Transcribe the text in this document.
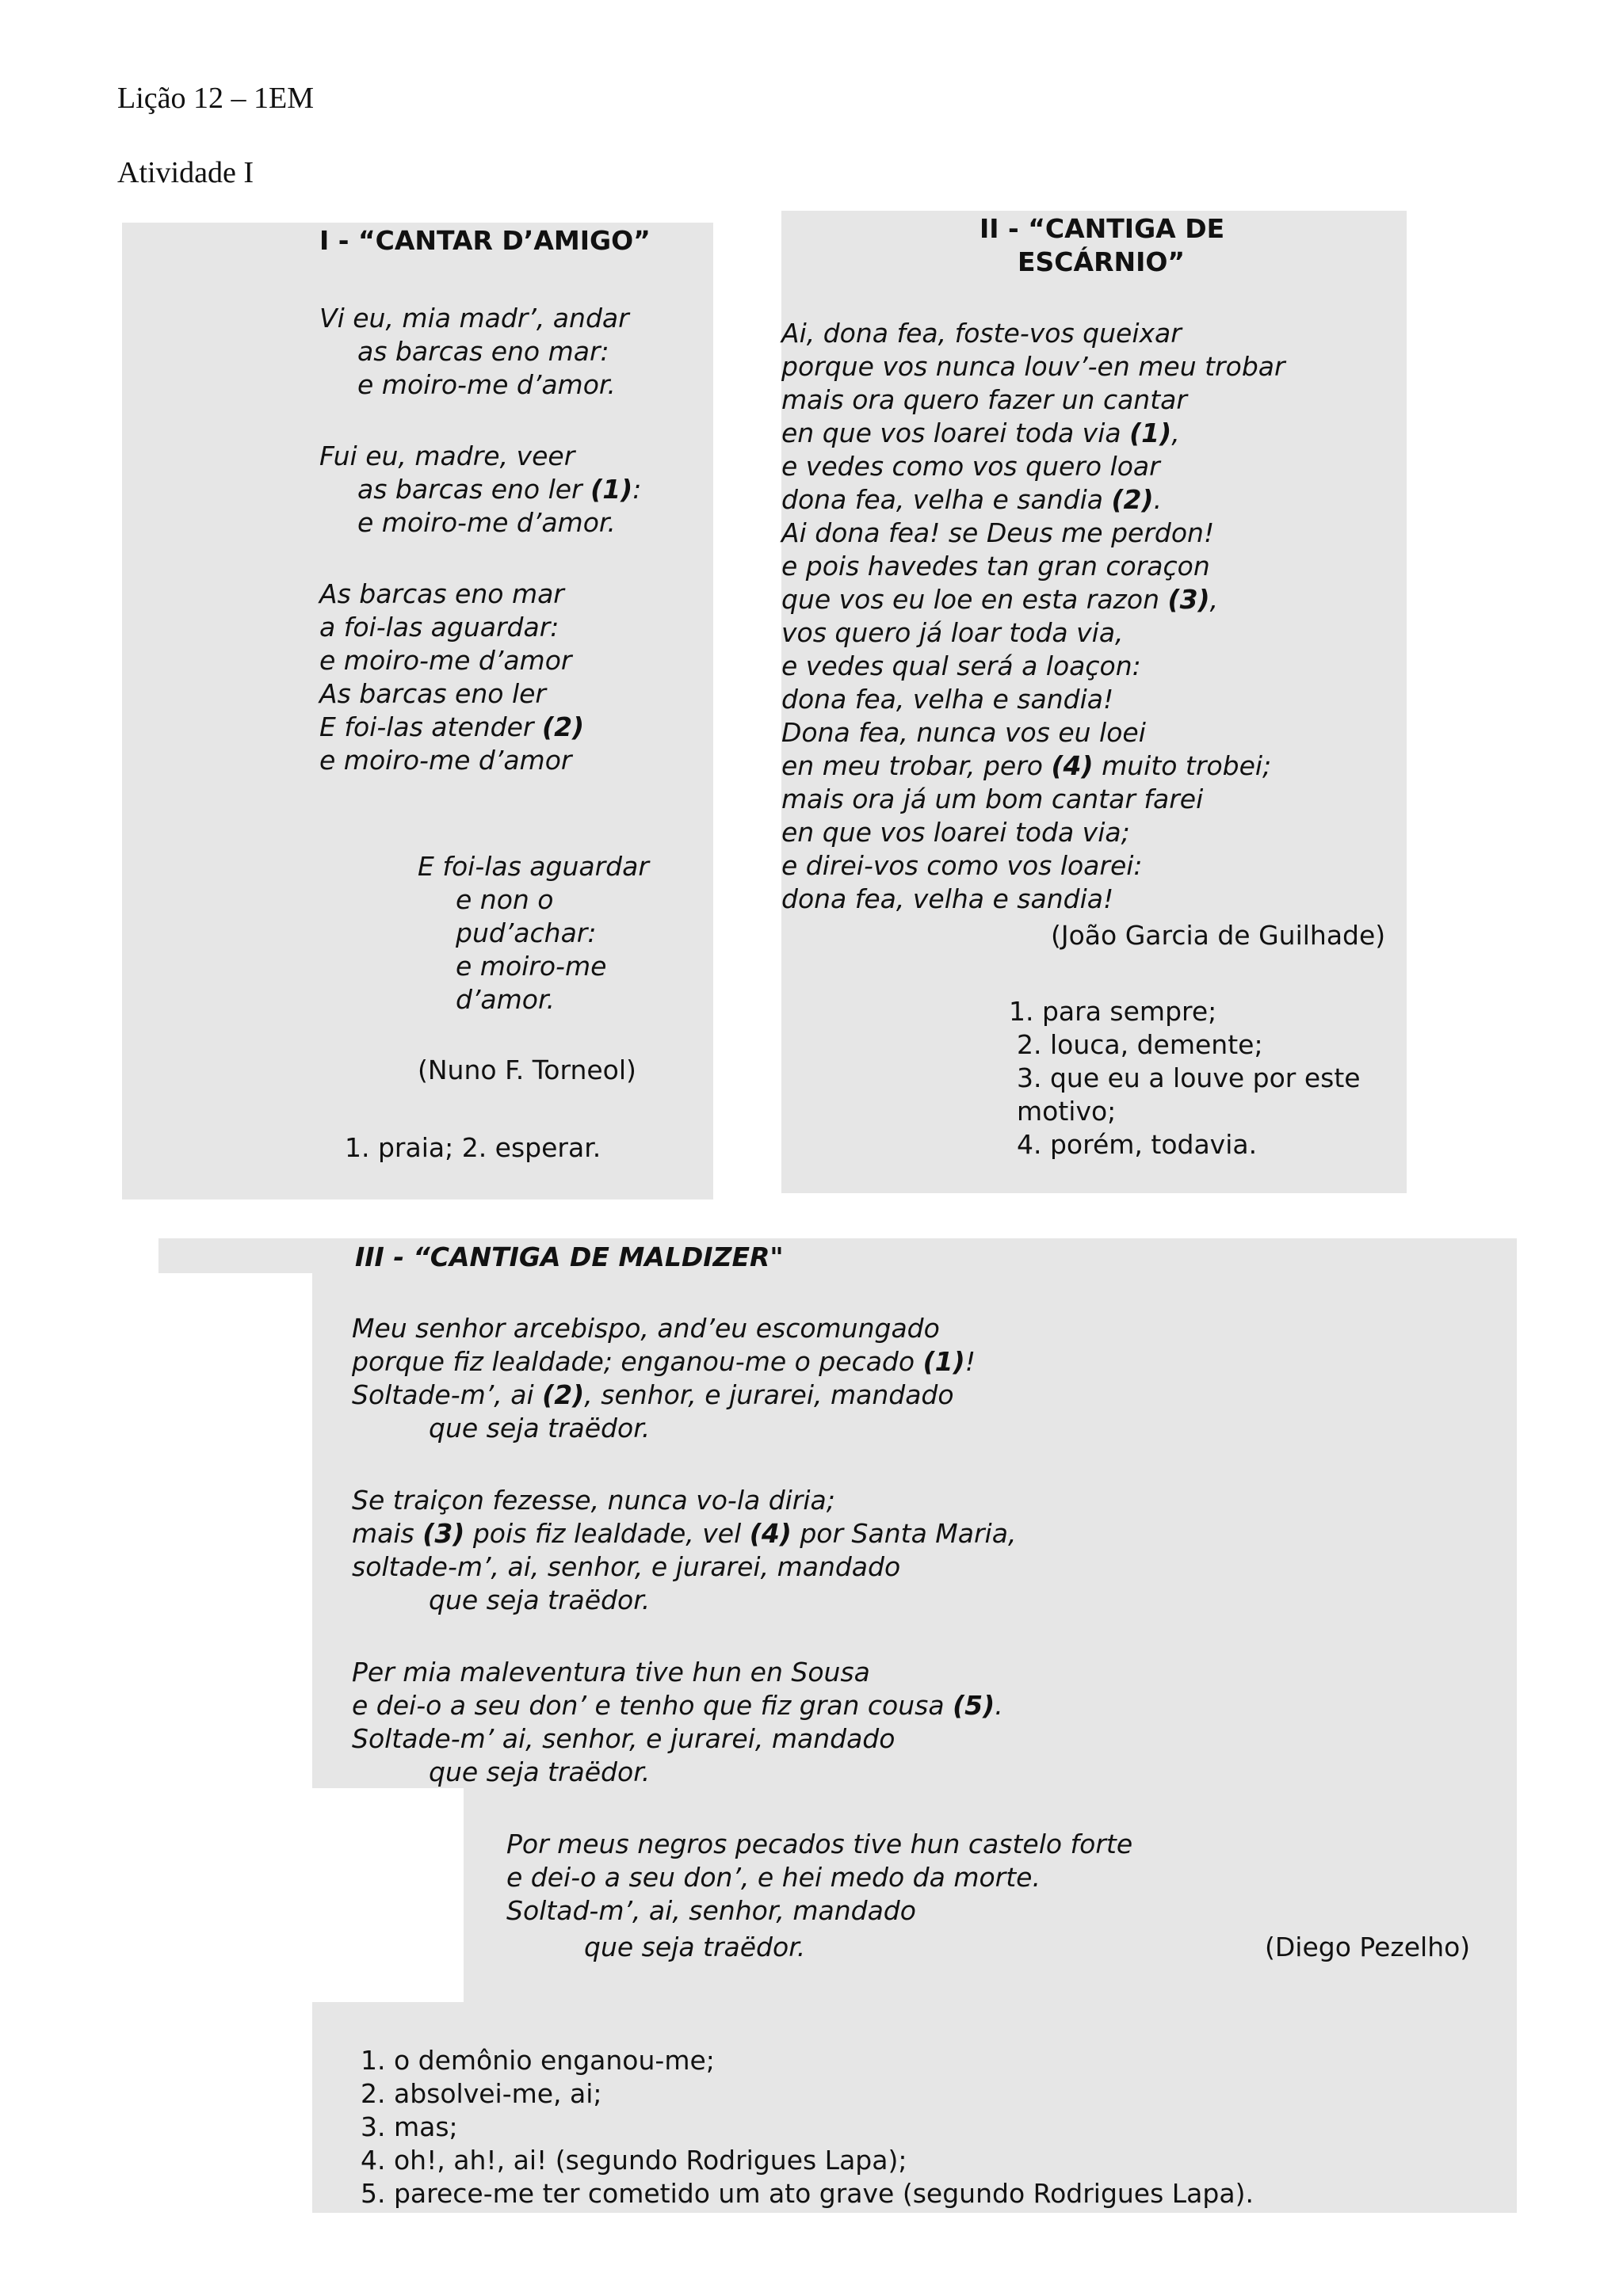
Lição 12 – 1EM
Atividade I
I - “CANTAR D’AMIGO”
Vi eu, mia madr’, andar
as barcas eno mar:
e moiro-me d’amor.
Fui eu, madre, veer
as barcas eno ler (1):
e moiro-me d’amor.
As barcas eno mar
a foi-las aguardar:
e moiro-me d’amor
As barcas eno ler
E foi-las atender (2)
e moiro-me d’amor
E foi-las aguardar
e non o
pud’achar:
e moiro-me
d’amor.
(Nuno F. Torneol)
1. praia; 2. esperar.
II - “CANTIGA DE
ESCÁRNIO”
Ai, dona fea, foste-vos queixar
porque vos nunca louv’-en meu trobar
mais ora quero fazer un cantar
en que vos loarei toda via (1),
e vedes como vos quero loar
dona fea, velha e sandia (2).
Ai dona fea! se Deus me perdon!
e pois havedes tan gran coraçon
que vos eu loe en esta razon (3),
vos quero já loar toda via,
e vedes qual será a loaçon:
dona fea, velha e sandia!
Dona fea, nunca vos eu loei
en meu trobar, pero (4) muito trobei;
mais ora já um bom cantar farei
en que vos loarei toda via;
e direi-vos como vos loarei:
dona fea, velha e sandia!
(João Garcia de Guilhade)
1. para sempre;
2. louca, demente;
3. que eu a louve por este
motivo;
4. porém, todavia.
III - “CANTIGA DE MALDIZER"
Meu senhor arcebispo, and’eu escomungado
porque fiz lealdade; enganou-me o pecado (1)!
Soltade-m’, ai (2), senhor, e jurarei, mandado
que seja traëdor.
Se traiçon fezesse, nunca vo-la diria;
mais (3) pois fiz lealdade, vel (4) por Santa Maria,
soltade-m’, ai, senhor, e jurarei, mandado
que seja traëdor.
Per mia maleventura tive hun en Sousa
e dei-o a seu don’ e tenho que fiz gran cousa (5).
Soltade-m’ ai, senhor, e jurarei, mandado
que seja traëdor.
Por meus negros pecados tive hun castelo forte
e dei-o a seu don’, e hei medo da morte.
Soltad-m’, ai, senhor, mandado
que seja traëdor.	(Diego Pezelho)
1. o demônio enganou-me;
2. absolvei-me, ai;
3. mas;
4. oh!, ah!, ai! (segundo Rodrigues Lapa);
5. parece-me ter cometido um ato grave (segundo Rodrigues Lapa).
